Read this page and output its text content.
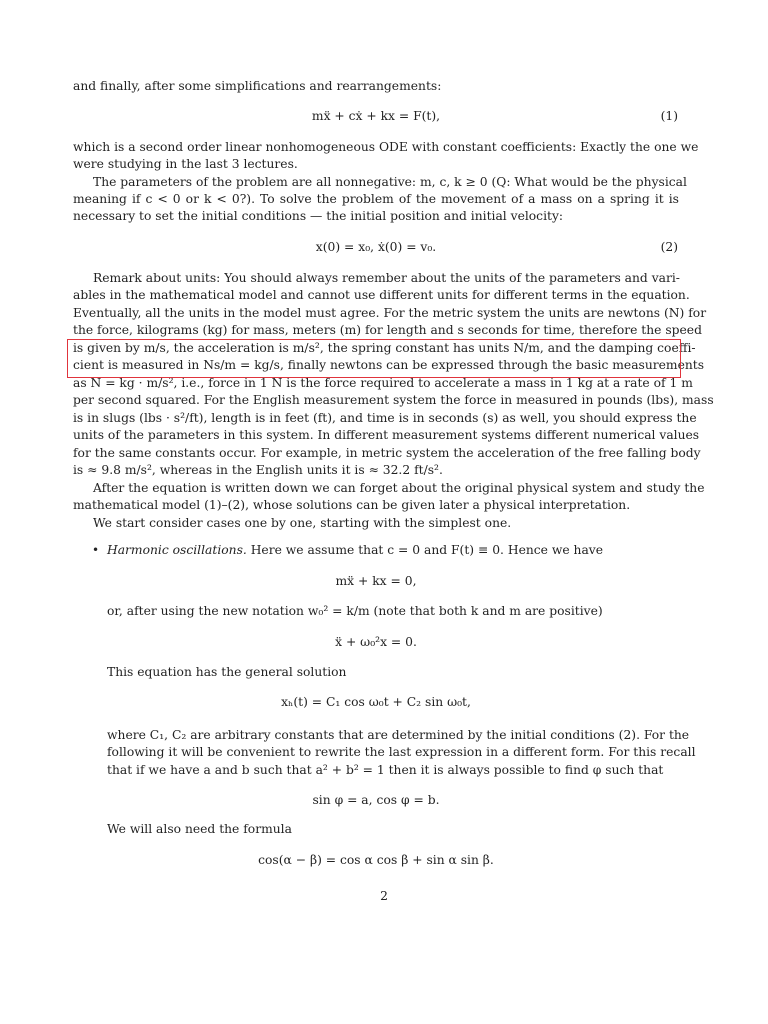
and finally, after some simplifications and rearrangements:
mẍ + cẋ + kx = F(t),	(1)
which is a second order linear nonhomogeneous ODE with constant coefficients: Exactly the one we
were studying in the last 3 lectures.
The parameters of the problem are all nonnegative: m, c, k ≥ 0 (Q: What would be the physical
meaning if c < 0 or k < 0?). To solve the problem of the movement of a mass on a spring it is
necessary to set the initial conditions — the initial position and initial velocity:
x(0) = x₀, ẋ(0) = v₀.	(2)
Remark about units: You should always remember about the units of the parameters and vari-
ables in the mathematical model and cannot use different units for different terms in the equation.
Eventually, all the units in the model must agree. For the metric system the units are newtons (N) for
the force, kilograms (kg) for mass, meters (m) for length and s seconds for time, therefore the speed
is given by m/s, the acceleration is m/s², the spring constant has units N/m, and the damping coeffi-
cient is measured in Ns/m = kg/s, finally newtons can be expressed through the basic measurements
as N = kg · m/s², i.e., force in 1 N is the force required to accelerate a mass in 1 kg at a rate of 1 m
per second squared. For the English measurement system the force in measured in pounds (lbs), mass
is in slugs (lbs · s²/ft), length is in feet (ft), and time is in seconds (s) as well, you should express the
units of the parameters in this system. In different measurement systems different numerical values
for the same constants occur. For example, in metric system the acceleration of the free falling body
is ≈ 9.8 m/s², whereas in the English units it is ≈ 32.2 ft/s².
After the equation is written down we can forget about the original physical system and study the
mathematical model (1)–(2), whose solutions can be given later a physical interpretation.
We start consider cases one by one, starting with the simplest one.
• Harmonic oscillations. Here we assume that c = 0 and F(t) ≡ 0. Hence we have
mẍ + kx = 0,
or, after using the new notation w₀² = k/m (note that both k and m are positive)
ẍ + ω₀²x = 0.
This equation has the general solution
xₕ(t) = C₁ cos ω₀t + C₂ sin ω₀t,
where C₁, C₂ are arbitrary constants that are determined by the initial conditions (2). For the
following it will be convenient to rewrite the last expression in a different form. For this recall
that if we have a and b such that a² + b² = 1 then it is always possible to find φ such that
sin φ = a, cos φ = b.
We will also need the formula
cos(α − β) = cos α cos β + sin α sin β.
2
